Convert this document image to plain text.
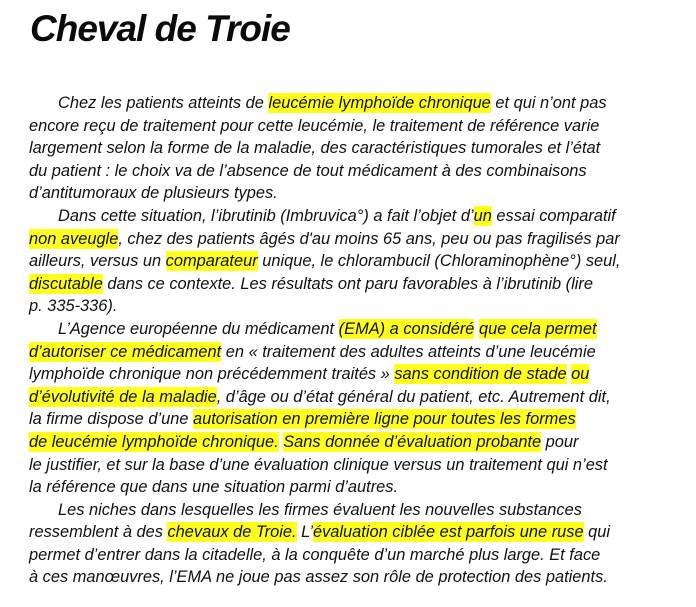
Cheval de Troie
Chez les patients atteints de leucémie lymphoïde chronique et qui n’ont pas
encore reçu de traitement pour cette leucémie, le traitement de référence varie
largement selon la forme de la maladie, des caractéristiques tumorales et l’état
du patient : le choix va de l’absence de tout médicament à des combinaisons
d’antitumoraux de plusieurs types.
Dans cette situation, l’ibrutinib (Imbruvica°) a fait l’objet d’un essai comparatif
non aveugle, chez des patients âgés d'au moins 65 ans, peu ou pas fragilisés par
ailleurs, versus un comparateur unique, le chlorambucil (Chloraminophène°) seul,
discutable dans ce contexte. Les résultats ont paru favorables à l’ibrutinib (lire
p. 335-336).
L’Agence européenne du médicament (EMA) a considéré que cela permet
d’autoriser ce médicament en « traitement des adultes atteints d’une leucémie
lymphoïde chronique non précédemment traités » sans condition de stade ou
d’évolutivité de la maladie, d’âge ou d’état général du patient, etc. Autrement dit,
la firme dispose d’une autorisation en première ligne pour toutes les formes
de leucémie lymphoïde chronique. Sans donnée d’évaluation probante pour
le justifier, et sur la base d’une évaluation clinique versus un traitement qui n’est
la référence que dans une situation parmi d’autres.
Les niches dans lesquelles les firmes évaluent les nouvelles substances
ressemblent à des chevaux de Troie. L’évaluation ciblée est parfois une ruse qui
permet d’entrer dans la citadelle, à la conquête d’un marché plus large. Et face
à ces manœuvres, l’EMA ne joue pas assez son rôle de protection des patients.
